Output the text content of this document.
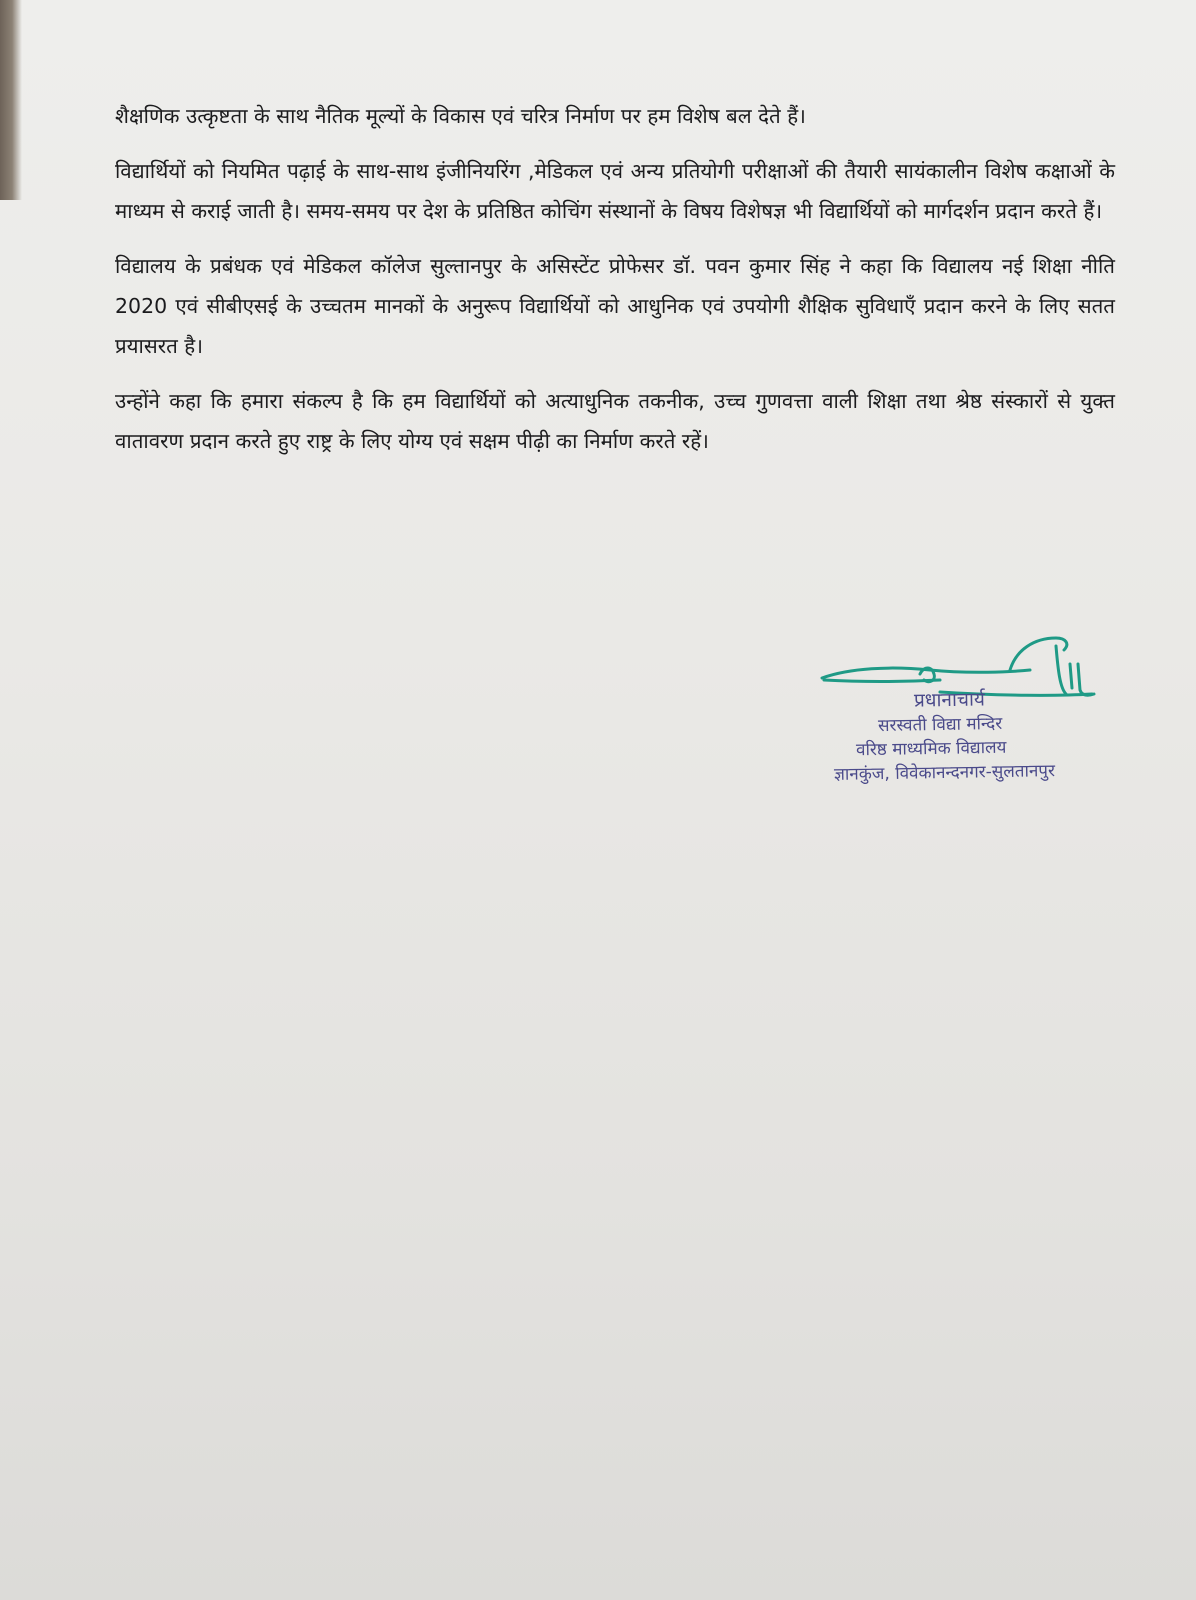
शैक्षणिक उत्कृष्टता के साथ नैतिक मूल्यों के विकास एवं चरित्र निर्माण पर हम विशेष बल देते हैं।

विद्यार्थियों को नियमित पढ़ाई के साथ-साथ इंजीनियरिंग ,मेडिकल एवं अन्य प्रतियोगी परीक्षाओं की तैयारी सायंकालीन विशेष कक्षाओं के माध्यम से कराई जाती है। समय-समय पर देश के प्रतिष्ठित कोचिंग संस्थानों के विषय विशेषज्ञ भी विद्यार्थियों को मार्गदर्शन प्रदान करते हैं।

विद्यालय के प्रबंधक एवं मेडिकल कॉलेज सुल्तानपुर के असिस्टेंट प्रोफेसर डॉ. पवन कुमार सिंह ने कहा कि विद्यालय नई शिक्षा नीति 2020 एवं सीबीएसई के उच्चतम मानकों के अनुरूप विद्यार्थियों को आधुनिक एवं उपयोगी शैक्षिक सुविधाएँ प्रदान करने के लिए सतत प्रयासरत है।

उन्होंने कहा कि हमारा संकल्प है कि हम विद्यार्थियों को अत्याधुनिक तकनीक, उच्च गुणवत्ता वाली शिक्षा तथा श्रेष्ठ संस्कारों से युक्त वातावरण प्रदान करते हुए राष्ट्र के लिए योग्य एवं सक्षम पीढ़ी का निर्माण करते रहें।

प्रधानाचार्य
सरस्वती विद्या मन्दिर
वरिष्ठ माध्यमिक विद्यालय
ज्ञानकुंज, विवेकानन्दनगर-सुलतानपुर
